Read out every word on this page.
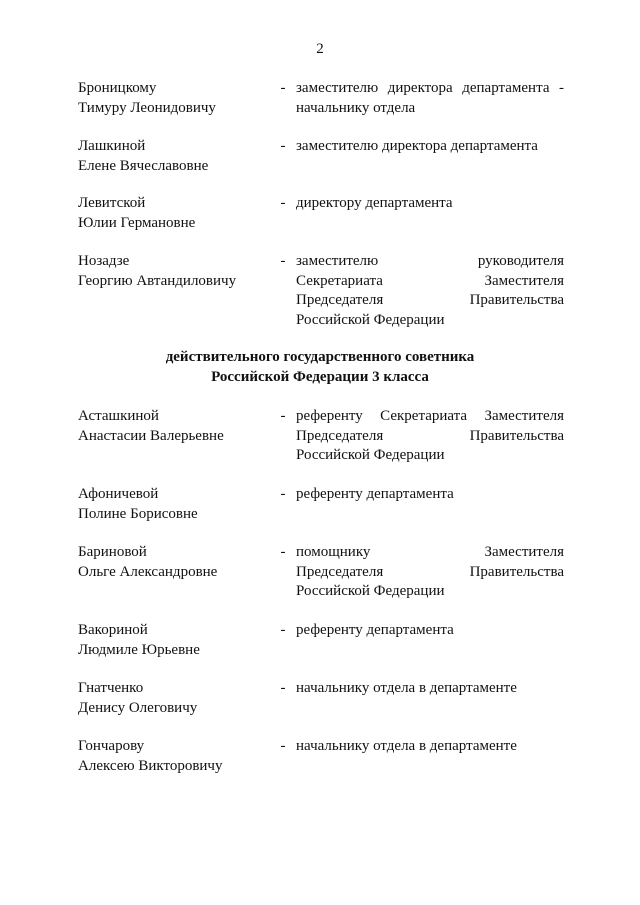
2
Броницкому
Тимуру Леонидовичу
- заместителю директора департамента -
начальнику отдела
Лашкиной
Елене Вячеславовне
- заместителю директора департамента
Левитской
Юлии Германовне
- директору департамента
Нозадзе
Георгию Автандиловичу
- заместителю руководителя
Секретариата Заместителя
Председателя Правительства
Российской Федерации
действительного государственного советника
Российской Федерации 3 класса
Асташкиной
Анастасии Валерьевне
- референту Секретариата Заместителя
Председателя Правительства
Российской Федерации
Афоничевой
Полине Борисовне
- референту департамента
Бариновой
Ольге Александровне
- помощнику Заместителя
Председателя Правительства
Российской Федерации
Вакориной
Людмиле Юрьевне
- референту департамента
Гнатченко
Денису Олеговичу
- начальнику отдела в департаменте
Гончарову
Алексею Викторовичу
- начальнику отдела в департаменте
